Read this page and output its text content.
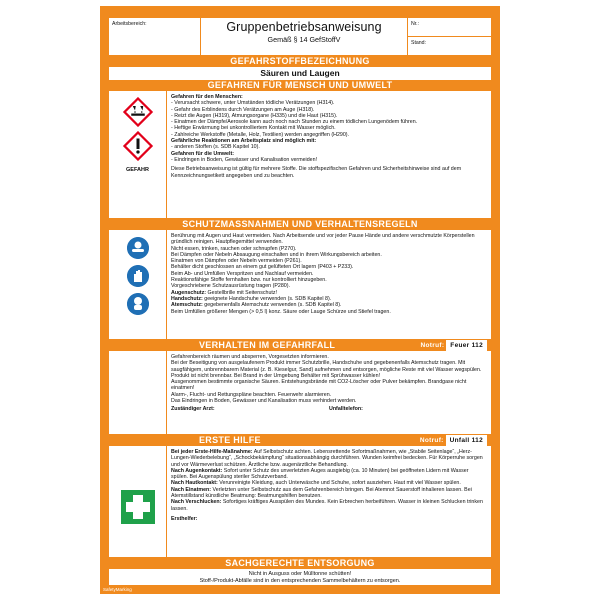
Arbeitsbereich:	Gruppenbetriebsanweisung
Gemäß § 14 GefStoffV
Nr.:
Stand:
GEFAHRSTOFFBEZEICHNUNG
Säuren und Laugen
GEFAHREN FÜR MENSCH UND UMWELT
GEFAHR
Gefahren für den Menschen:
- Verursacht schwere, unter Umständen tödliche Verätzungen (H314).
- Gefahr des Erblindens durch Verätzungen am Auge (H318).
- Reizt die Augen (H319), Atmungsorgane (H335) und die Haut (H315).
- Einatmen der Dämpfe/Aerosole kann auch noch nach Stunden zu einem tödlichen Lungenödem führen.
- Heftige Erwärmung bei unkontrolliertem Kontakt mit Wasser möglich.
- Zahlreiche Werkstoffe (Metalle, Holz, Textilien) werden angegriffen (H290).
Gefährliche Reaktionen am Arbeitsplatz sind möglich mit:
- anderen Stoffen (s. SDB Kapitel 10).
Gefahren für die Umwelt:
- Eindringen in Boden, Gewässer und Kanalisation vermeiden!
Diese Betriebsanweisung ist gültig für mehrere Stoffe. Die stoffspezifischen Gefahren und Sicherheitshinweise sind auf dem Kennzeichnungsetikett angegeben und zu beachten.
SCHUTZMASSNAHMEN UND VERHALTENSREGELN
Berührung mit Augen und Haut vermeiden. Nach Arbeitsende und vor jeder Pause Hände und andere verschmutzte Körperstellen gründlich reinigen. Hautpflegemittel verwenden.
Nicht essen, trinken, rauchen oder schnupfen (P270).
Bei Dämpfen oder Nebeln Absaugung einschalten und in ihrem Wirkungsbereich arbeiten.
Einatmen von Dämpfen oder Nebeln vermeiden (P261).
Behälter dicht geschlossen an einem gut gelüfteten Ort lagern (P403 + P233).
Beim Ab- und Umfüllen Verspritzen und Nachlauf vermeiden.
Reaktionsfähige Stoffe fernhalten bzw. nur kontrolliert hinzugeben.
Vorgeschriebene Schutzausrüstung tragen (P280).
Augenschutz: Gestellbrille mit Seitenschutz!
Handschutz: geeignete Handschuhe verwenden (s. SDB Kapitel 8).
Atemschutz: gegebenenfalls Atemschutz verwenden (s. SDB Kapitel 8).
Beim Umfüllen größerer Mengen (> 0,5 l) konz. Säure oder Lauge Schürze und Stiefel tragen.
VERHALTEN IM GEFAHRFALL	Notruf: Feuer 112
Gefahrenbereich räumen und absperren, Vorgesetzten informieren.
Bei der Beseitigung von ausgelaufenem Produkt immer Schutzbrille, Handschuhe und gegebenenfalls Atemschutz tragen. Mit saugfähigem, unbrennbarem Material (z. B. Kieselgur, Sand) aufnehmen und entsorgen, mögliche Reste mit viel Wasser wegspülen.
Produkt ist nicht brennbar. Bei Brand in der Umgebung Behälter mit Sprühwasser kühlen!
Ausgenommen bestimmte organische Säuren. Entstehungsbrände mit CO2-Löscher oder Pulver bekämpfen. Brandgase nicht einatmen!
Alarm-, Flucht- und Rettungspläne beachten. Feuerwehr alarmieren.
Das Eindringen in Boden, Gewässer und Kanalisation muss verhindert werden.
Zuständiger Arzt:	Unfalltelefon:
ERSTE HILFE	Notruf: Unfall 112
Bei jeder Erste-Hilfe-Maßnahme: Auf Selbstschutz achten. Lebensrettende Sofortmaßnahmen, wie „Stabile Seitenlage“, „Herz-Lungen-Wiederbelebung“, „Schockbekämpfung“ situationsabhängig durchführen. Wunden keimfrei bedecken. Für Körperruhe sorgen und vor Wärmeverlust schützen. Ärztliche bzw. augenärztliche Behandlung.
Nach Augenkontakt: Sofort unter Schutz des unverletzten Auges ausgiebig (ca. 10 Minuten) bei geöffneten Lidern mit Wasser spülen. Bei Augenspülung steriler Schutzverband.
Nach Hautkontakt: Verunreinigte Kleidung, auch Unterwäsche und Schuhe, sofort ausziehen. Haut mit viel Wasser spülen.
Nach Einatmen: Verletzten unter Selbstschutz aus dem Gefahrenbereich bringen. Bei Atemnot Sauerstoff inhalieren lassen. Bei Atemstillstand künstliche Beatmung: Beatmungshilfen benutzen.
Nach Verschlucken: Sofortiges kräftiges Ausspülen des Mundes. Kein Erbrechen herbeiführen. Wasser in kleinen Schlucken trinken lassen.
Ersthelfer:
SACHGERECHTE ENTSORGUNG
Nicht in Ausguss oder Mülltonne schütten!
Stoff-/Produkt-Abfälle sind in den entsprechenden Sammelbehältern zu entsorgen.
SafetyMarking
